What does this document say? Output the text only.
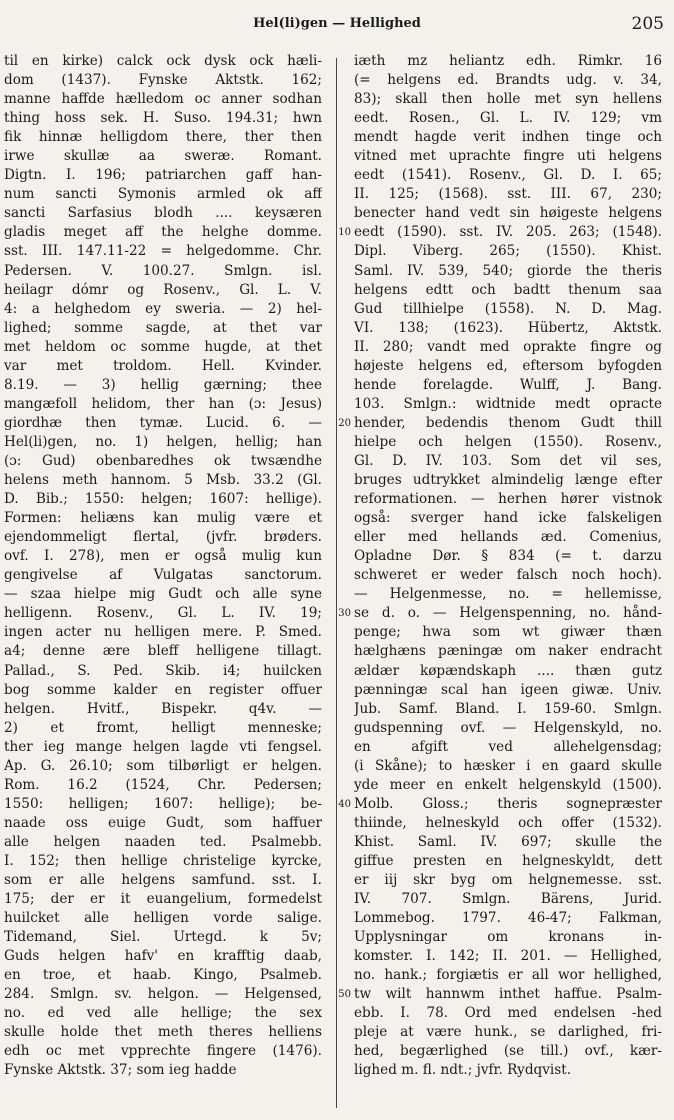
Hel(li)gen — Hellighed	205
til en kirke) calck ock dysk ock hæli-
dom (1437). Fynske Aktstk. 162;
manne haffde hælledom oc anner sodhan
thing hoss sek. H. Suso. 194.31; hwn
fik hinnæ helligdom there, ther then
irwe skullæ aa sweræ. Romant.
Digtn. I. 196; patriarchen gaff han-
num sancti Symonis armled ok aff
sancti Sarfasius blodh .... keysæren
gladis meget aff the helghe domme.
sst. III. 147.11-22 = helgedomme. Chr.
Pedersen. V. 100.27. Smlgn. isl.
heilagr dómr og Rosenv., Gl. L. V.
4: a helghedom ey sweria. — 2) hel-
lighed; somme sagde, at thet var
met heldom oc somme hugde, at thet
var met troldom. Hell. Kvinder.
8.19. — 3) hellig gærning; thee
mangæfoll helidom, ther han (ɔ: Jesus)
giordhæ then tymæ. Lucid. 6. —
Hel(li)gen, no. 1) helgen, hellig; han
(ɔ: Gud) obenbaredhes ok twsændhe
helens meth hannom. 5 Msb. 33.2 (Gl.
D. Bib.; 1550: helgen; 1607: hellige).
Formen: heliæns kan mulig være et
ejendommeligt flertal, (jvfr. brøders.
ovf. I. 278), men er også mulig kun
gengivelse af Vulgatas sanctorum.
— szaa hielpe mig Gudt och alle syne
helligenn. Rosenv., Gl. L. IV. 19;
ingen acter nu helligen mere. P. Smed.
a4; denne ære bleff helligene tillagt.
Pallad., S. Ped. Skib. i4; huilcken
bog somme kalder en register offuer
helgen. Hvitf., Bispekr. q4v. —
2) et fromt, helligt menneske;
ther ieg mange helgen lagde vti fengsel.
Ap. G. 26.10; som tilbørligt er helgen.
Rom. 16.2 (1524, Chr. Pedersen;
1550: helligen; 1607: hellige); be-
naade oss euige Gudt, som haffuer
alle helgen naaden ted. Psalmebb.
I. 152; then hellige christelige kyrcke,
som er alle helgens samfund. sst. I.
175; der er it euangelium, formedelst
huilcket alle helligen vorde salige.
Tidemand, Siel. Urtegd. k 5v;
Guds helgen hafv' en krafftig daab,
en troe, et haab. Kingo, Psalmeb.
284. Smlgn. sv. helgon. — Helgensed,
no. ed ved alle hellige; the sex
skulle holde thet meth theres helliens
edh oc met vpprechte fingere (1476).
Fynske Aktstk. 37; som ieg hadde
10
20
30
40
50
iæth mz heliantz edh. Rimkr. 16
(= helgens ed. Brandts udg. v. 34,
83); skall then holle met syn hellens
eedt. Rosen., Gl. L. IV. 129; vm
mendt hagde verit indhen tinge och
vitned met uprachte fingre uti helgens
eedt (1541). Rosenv., Gl. D. I. 65;
II. 125; (1568). sst. III. 67, 230;
benecter hand vedt sin høigeste helgens
eedt (1590). sst. IV. 205. 263; (1548).
Dipl. Viberg. 265; (1550). Khist.
Saml. IV. 539, 540; giorde the theris
helgens edtt och badtt thenum saa
Gud tillhielpe (1558). N. D. Mag.
VI. 138; (1623). Hübertz, Aktstk.
II. 280; vandt med oprakte fingre og
højeste helgens ed, eftersom byfogden
hende forelagde. Wulff, J. Bang.
103. Smlgn.: widtnide medt opracte
hender, bedendis thenom Gudt thill
hielpe och helgen (1550). Rosenv.,
Gl. D. IV. 103. Som det vil ses,
bruges udtrykket almindelig længe efter
reformationen. — herhen hører vistnok
også: sverger hand icke falskeligen
eller med hellands æd. Comenius,
Opladne Dør. § 834 (= t. darzu
schweret er weder falsch noch hoch).
— Helgenmesse, no. = hellemisse,
se d. o. — Helgenspenning, no. hånd-
penge; hwa som wt giwær thæn
hælghæns pæningæ om naker endracht
ældær køpændskaph .... thæn gutz
pænningæ scal han igeen giwæ. Univ.
Jub. Samf. Bland. I. 159-60. Smlgn.
gudspenning ovf. — Helgenskyld, no.
en afgift ved allehelgensdag;
(i Skåne); to hæsker i en gaard skulle
yde meer en enkelt helgenskyld (1500).
Molb. Gloss.; theris sognepræster
thiinde, helneskyld och offer (1532).
Khist. Saml. IV. 697; skulle the
giffue presten en helgneskyldt, dett
er iij skr byg om helgnemesse. sst.
IV. 707. Smlgn. Bärens, Jurid.
Lommebog. 1797. 46-47; Falkman,
Upplysningar om kronans in-
komster. I. 142; II. 201. — Hellighed,
no. hank.; forgiætis er all wor hellighed,
tw wilt hannwm inthet haffue. Psalm-
ebb. I. 78. Ord med endelsen -hed
pleje at være hunk., se darlighed, fri-
hed, begærlighed (se till.) ovf., kær-
lighed m. fl. ndt.; jvfr. Rydqvist.
